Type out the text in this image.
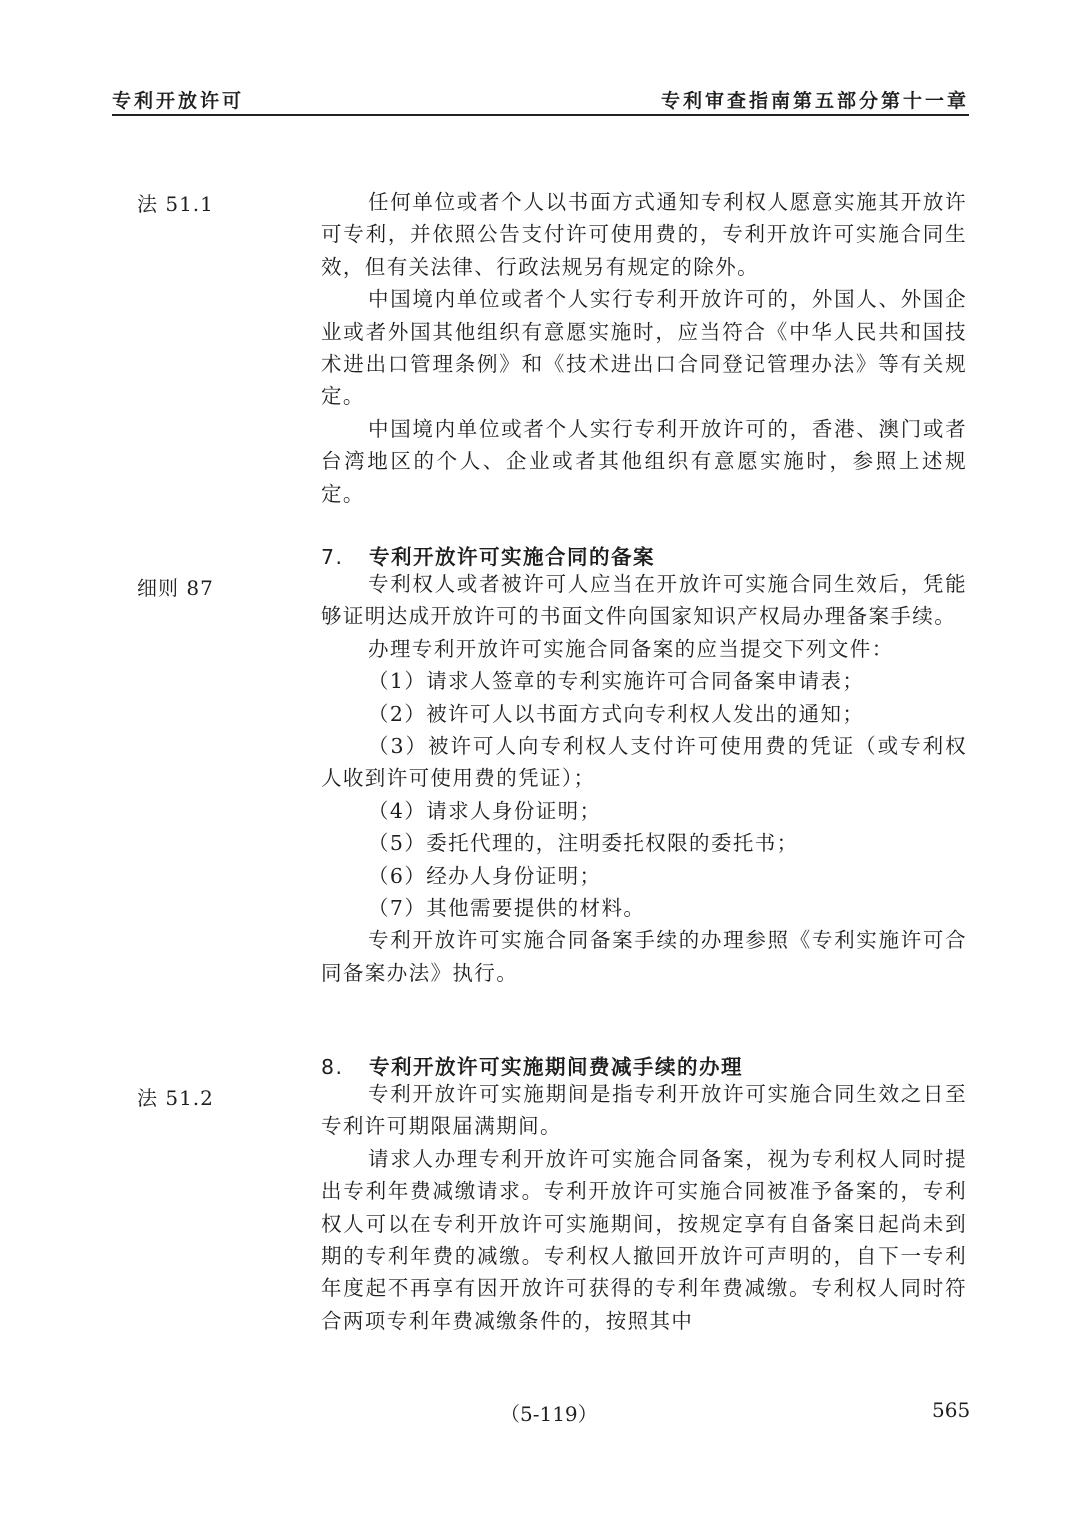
专利开放许可	专利审查指南第五部分第十一章
法 51.1	任何单位或者个人以书面方式通知专利权人愿意实施其开放许可专利，并依照公告支付许可使用费的，专利开放许可实施合同生效，但有关法律、行政法规另有规定的除外。

中国境内单位或者个人实行专利开放许可的，外国人、外国企业或者外国其他组织有意愿实施时，应当符合《中华人民共和国技术进出口管理条例》和《技术进出口合同登记管理办法》等有关规定。

中国境内单位或者个人实行专利开放许可的，香港、澳门或者台湾地区的个人、企业或者其他组织有意愿实施时，参照上述规定。

7. 专利开放许可实施合同的备案
细则 87	专利权人或者被许可人应当在开放许可实施合同生效后，凭能够证明达成开放许可的书面文件向国家知识产权局办理备案手续。

办理专利开放许可实施合同备案的应当提交下列文件：

（1）请求人签章的专利实施许可合同备案申请表；

（2）被许可人以书面方式向专利权人发出的通知；

（3）被许可人向专利权人支付许可使用费的凭证（或专利权人收到许可使用费的凭证）；

（4）请求人身份证明；

（5）委托代理的，注明委托权限的委托书；

（6）经办人身份证明；

（7）其他需要提供的材料。

专利开放许可实施合同备案手续的办理参照《专利实施许可合同备案办法》执行。

8. 专利开放许可实施期间费减手续的办理
法 51.2	专利开放许可实施期间是指专利开放许可实施合同生效之日至专利许可期限届满期间。

请求人办理专利开放许可实施合同备案，视为专利权人同时提出专利年费减缴请求。专利开放许可实施合同被准予备案的，专利权人可以在专利开放许可实施期间，按规定享有自备案日起尚未到期的专利年费的减缴。专利权人撤回开放许可声明的，自下一专利年度起不再享有因开放许可获得的专利年费减缴。专利权人同时符合两项专利年费减缴条件的，按照其中

（5-119）	565
